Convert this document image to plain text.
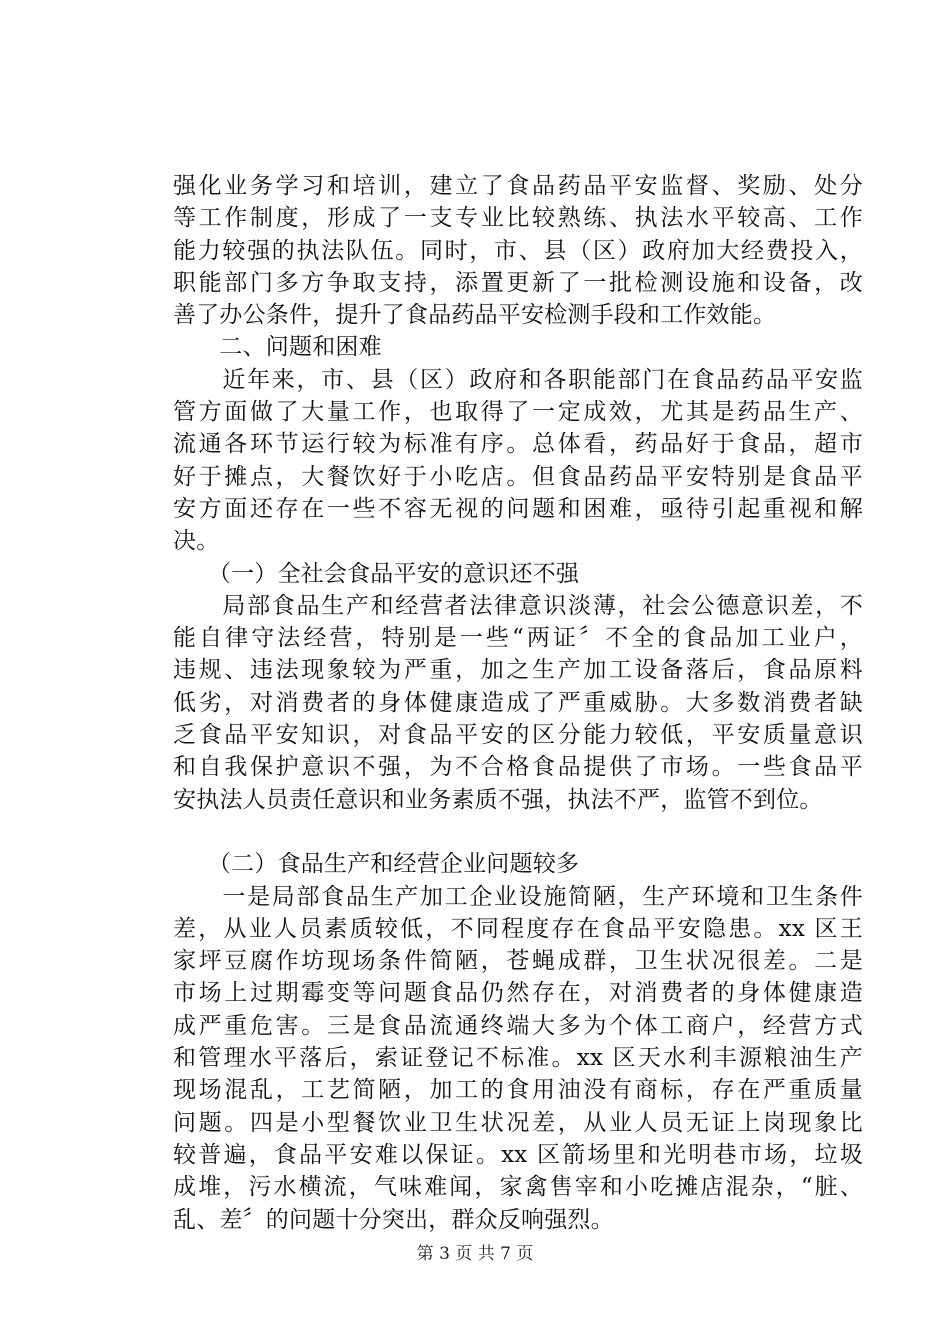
强化业务学习和培训，建立了食品药品平安监督、奖励、处分
等工作制度，形成了一支专业比较熟练、执法水平较高、工作
能力较强的执法队伍。同时，市、县（区）政府加大经费投入，
职能部门多方争取支持，添置更新了一批检测设施和设备，改
善了办公条件，提升了食品药品平安检测手段和工作效能。
　　二、问题和困难
　　近年来，市、县（区）政府和各职能部门在食品药品平安监
管方面做了大量工作，也取得了一定成效，尤其是药品生产、
流通各环节运行较为标准有序。总体看，药品好于食品，超市
好于摊点，大餐饮好于小吃店。但食品药品平安特别是食品平
安方面还存在一些不容无视的问题和困难，亟待引起重视和解
决。
　　（一）全社会食品平安的意识还不强
　　局部食品生产和经营者法律意识淡薄，社会公德意识差，不
能自律守法经营，特别是一些“两证〞不全的食品加工业户，
违规、违法现象较为严重，加之生产加工设备落后，食品原料
低劣，对消费者的身体健康造成了严重威胁。大多数消费者缺
乏食品平安知识，对食品平安的区分能力较低，平安质量意识
和自我保护意识不强，为不合格食品提供了市场。一些食品平
安执法人员责任意识和业务素质不强，执法不严，监管不到位。
　　（二）食品生产和经营企业问题较多
　　一是局部食品生产加工企业设施简陋，生产环境和卫生条件
差，从业人员素质较低，不同程度存在食品平安隐患。xx 区王
家坪豆腐作坊现场条件简陋，苍蝇成群，卫生状况很差。二是
市场上过期霉变等问题食品仍然存在，对消费者的身体健康造
成严重危害。三是食品流通终端大多为个体工商户，经营方式
和管理水平落后，索证登记不标准。xx 区天水利丰源粮油生产
现场混乱，工艺简陋，加工的食用油没有商标，存在严重质量
问题。四是小型餐饮业卫生状况差，从业人员无证上岗现象比
较普遍，食品平安难以保证。xx 区箭场里和光明巷市场，垃圾
成堆，污水横流，气味难闻，家禽售宰和小吃摊店混杂，“脏、
乱、差〞的问题十分突出，群众反响强烈。
第 3 页 共 7 页
